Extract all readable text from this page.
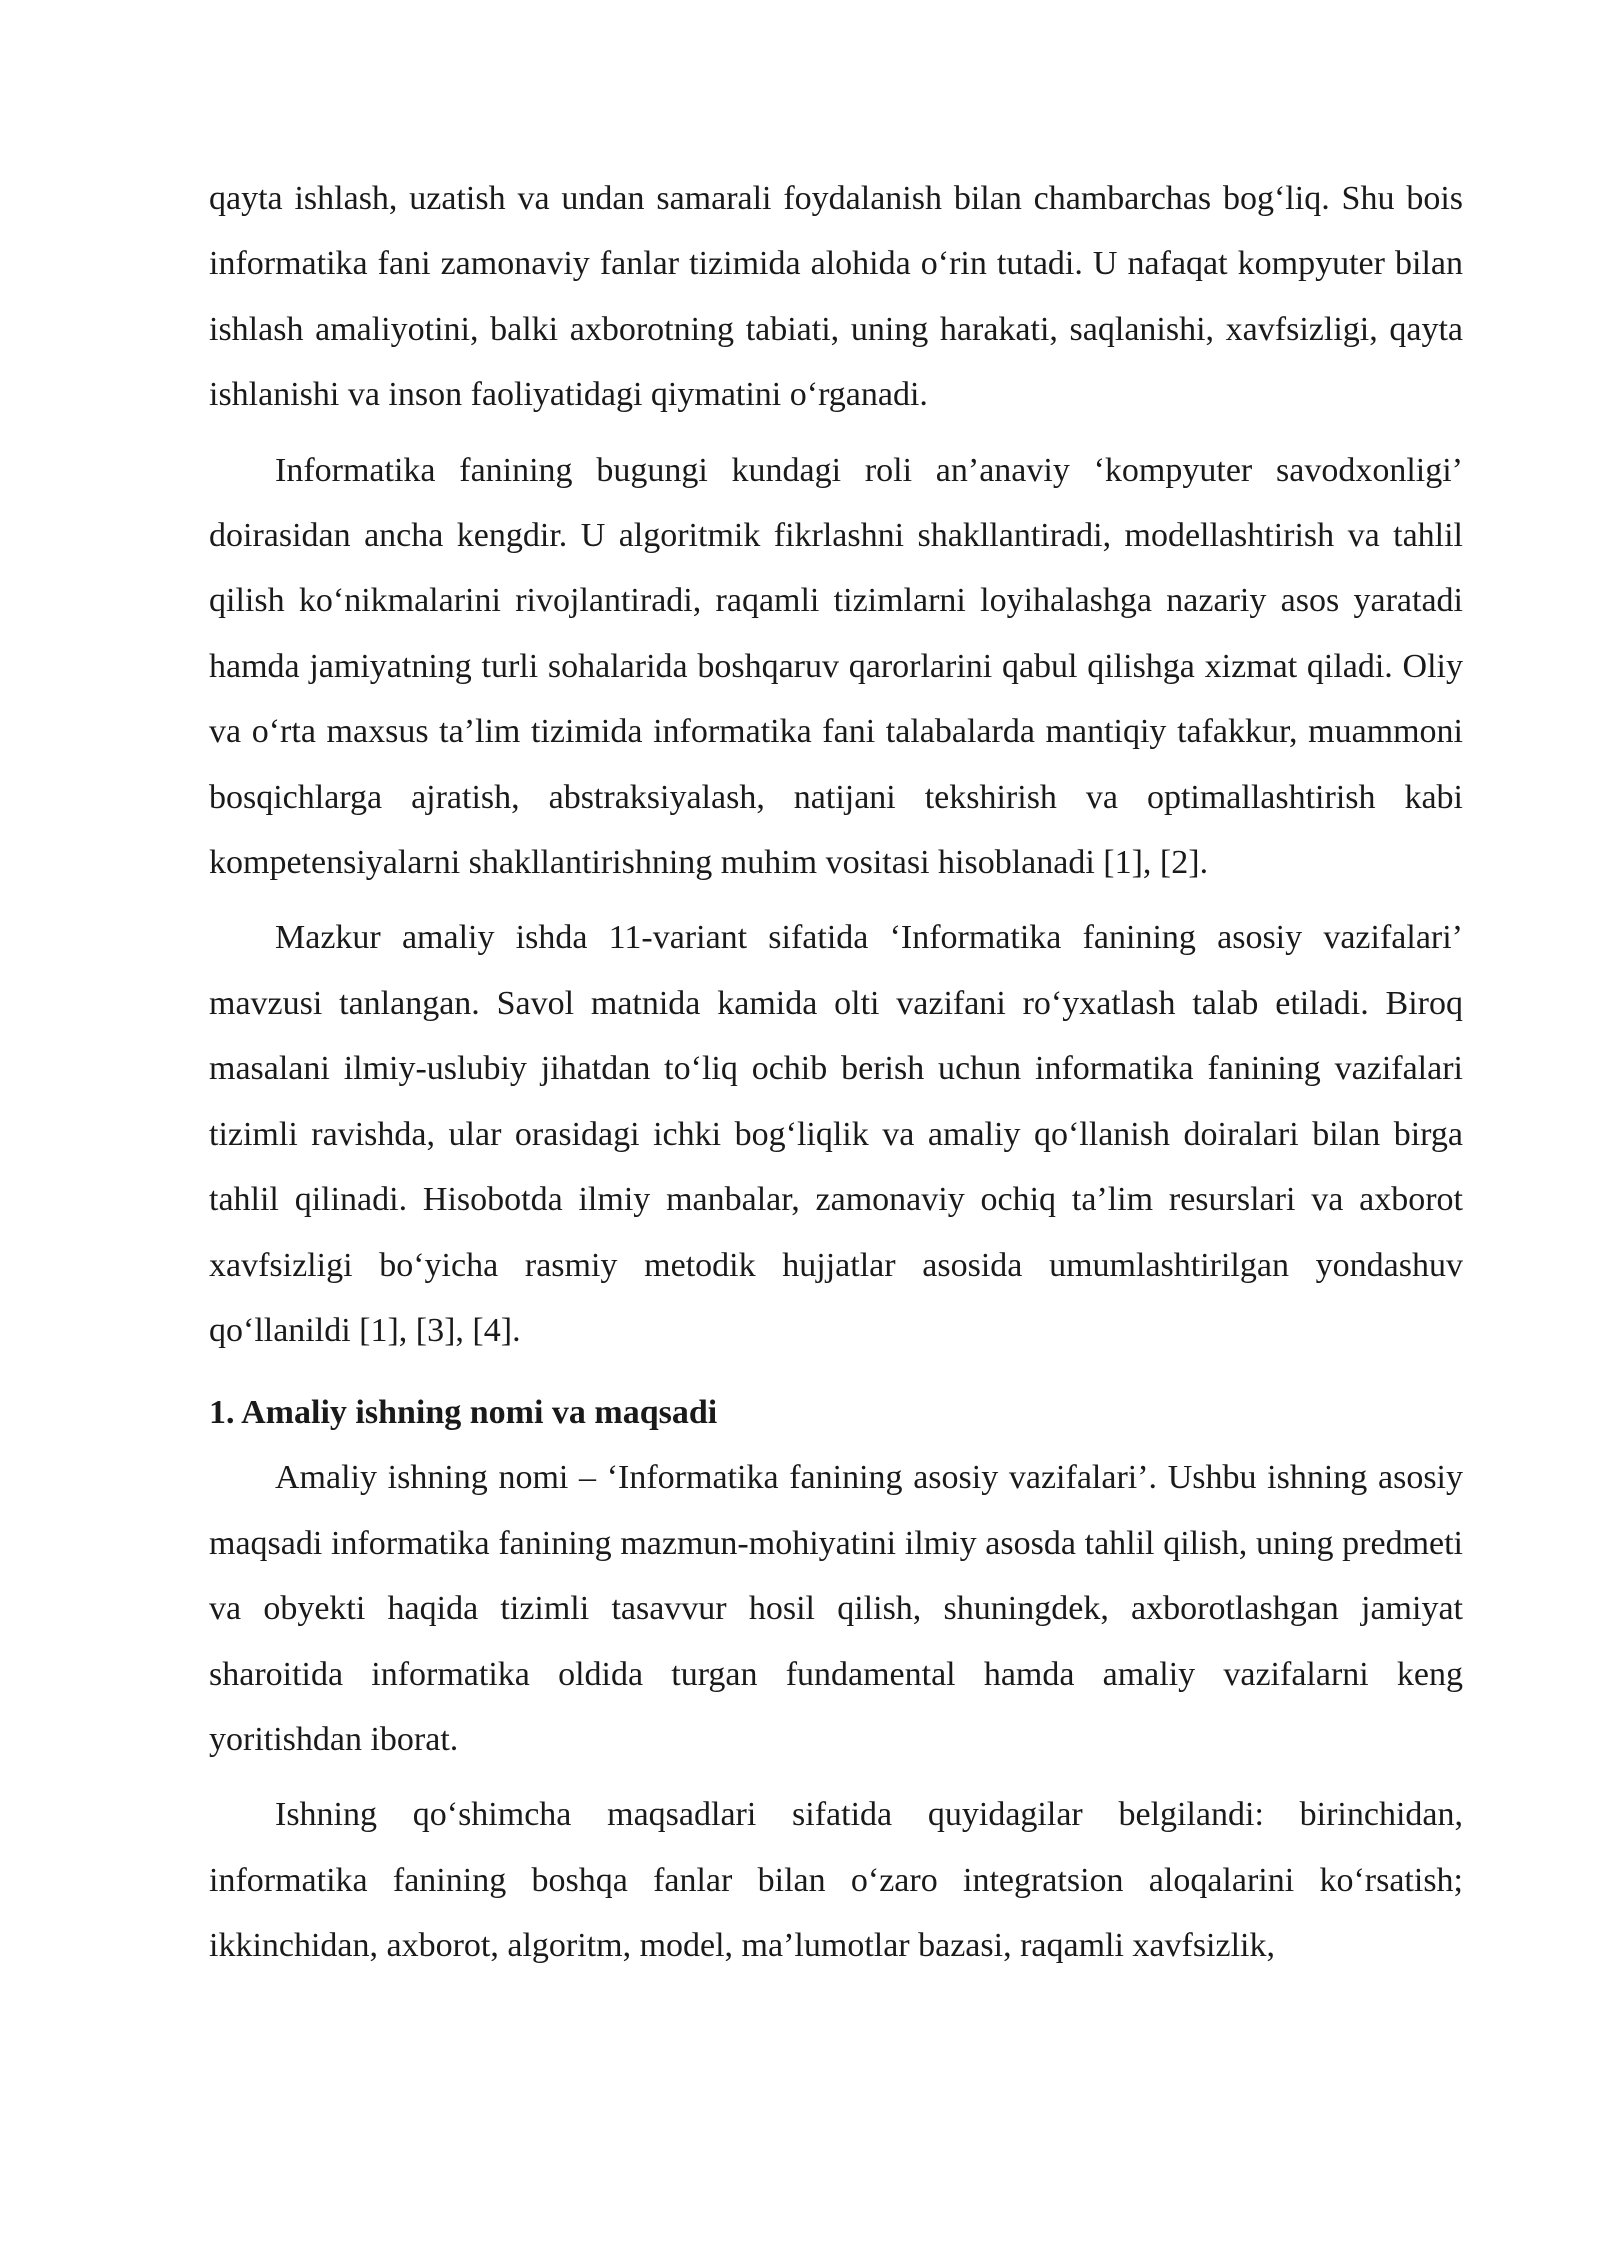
qayta ishlash, uzatish va undan samarali foydalanish bilan chambarchas bog‘liq. Shu bois informatika fani zamonaviy fanlar tizimida alohida o‘rin tutadi. U nafaqat kompyuter bilan ishlash amaliyotini, balki axborotning tabiati, uning harakati, saqlanishi, xavfsizligi, qayta ishlanishi va inson faoliyatidagi qiymatini o‘rganadi.

Informatika fanining bugungi kundagi roli an’anaviy ‘kompyuter savodxonligi’ doirasidan ancha kengdir. U algoritmik fikrlashni shakllantiradi, modellashtirish va tahlil qilish ko‘nikmalarini rivojlantiradi, raqamli tizimlarni loyihalashga nazariy asos yaratadi hamda jamiyatning turli sohalarida boshqaruv qarorlarini qabul qilishga xizmat qiladi. Oliy va o‘rta maxsus ta’lim tizimida informatika fani talabalarda mantiqiy tafakkur, muammoni bosqichlarga ajratish, abstraksiyalash, natijani tekshirish va optimallashtirish kabi kompetensiyalarni shakllantirishning muhim vositasi hisoblanadi [1], [2].

Mazkur amaliy ishda 11-variant sifatida ‘Informatika fanining asosiy vazifalari’ mavzusi tanlangan. Savol matnida kamida olti vazifani ro‘yxatlash talab etiladi. Biroq masalani ilmiy-uslubiy jihatdan to‘liq ochib berish uchun informatika fanining vazifalari tizimli ravishda, ular orasidagi ichki bog‘liqlik va amaliy qo‘llanish doiralari bilan birga tahlil qilinadi. Hisobotda ilmiy manbalar, zamonaviy ochiq ta’lim resurslari va axborot xavfsizligi bo‘yicha rasmiy metodik hujjatlar asosida umumlashtirilgan yondashuv qo‘llanildi [1], [3], [4].

1. Amaliy ishning nomi va maqsadi

Amaliy ishning nomi – ‘Informatika fanining asosiy vazifalari’. Ushbu ishning asosiy maqsadi informatika fanining mazmun-mohiyatini ilmiy asosda tahlil qilish, uning predmeti va obyekti haqida tizimli tasavvur hosil qilish, shuningdek, axborotlashgan jamiyat sharoitida informatika oldida turgan fundamental hamda amaliy vazifalarni keng yoritishdan iborat.

Ishning qo‘shimcha maqsadlari sifatida quyidagilar belgilandi: birinchidan, informatika fanining boshqa fanlar bilan o‘zaro integratsion aloqalarini ko‘rsatish; ikkinchidan, axborot, algoritm, model, ma’lumotlar bazasi, raqamli xavfsizlik,
